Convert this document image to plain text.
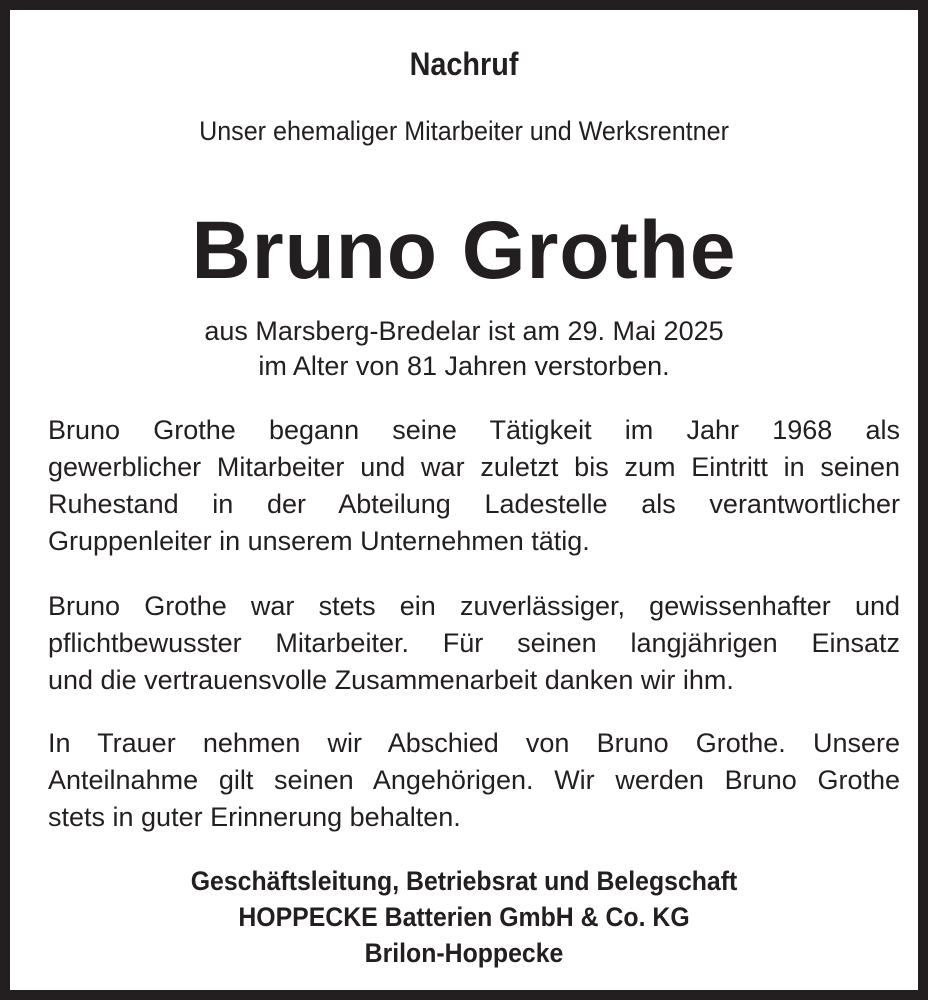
Nachruf
Unser ehemaliger Mitarbeiter und Werksrentner
Bruno Grothe
aus Marsberg-Bredelar ist am 29. Mai 2025
im Alter von 81 Jahren verstorben.
Bruno Grothe begann seine Tätigkeit im Jahr 1968 als
gewerblicher Mitarbeiter und war zuletzt bis zum Eintritt in seinen
Ruhestand in der Abteilung Ladestelle als verantwortlicher
Gruppenleiter in unserem Unternehmen tätig.
Bruno Grothe war stets ein zuverlässiger, gewissenhafter und
pflichtbewusster Mitarbeiter. Für seinen langjährigen Einsatz
und die vertrauensvolle Zusammenarbeit danken wir ihm.
In Trauer nehmen wir Abschied von Bruno Grothe. Unsere
Anteilnahme gilt seinen Angehörigen. Wir werden Bruno Grothe
stets in guter Erinnerung behalten.
Geschäftsleitung, Betriebsrat und Belegschaft
HOPPECKE Batterien GmbH & Co. KG
Brilon-Hoppecke
